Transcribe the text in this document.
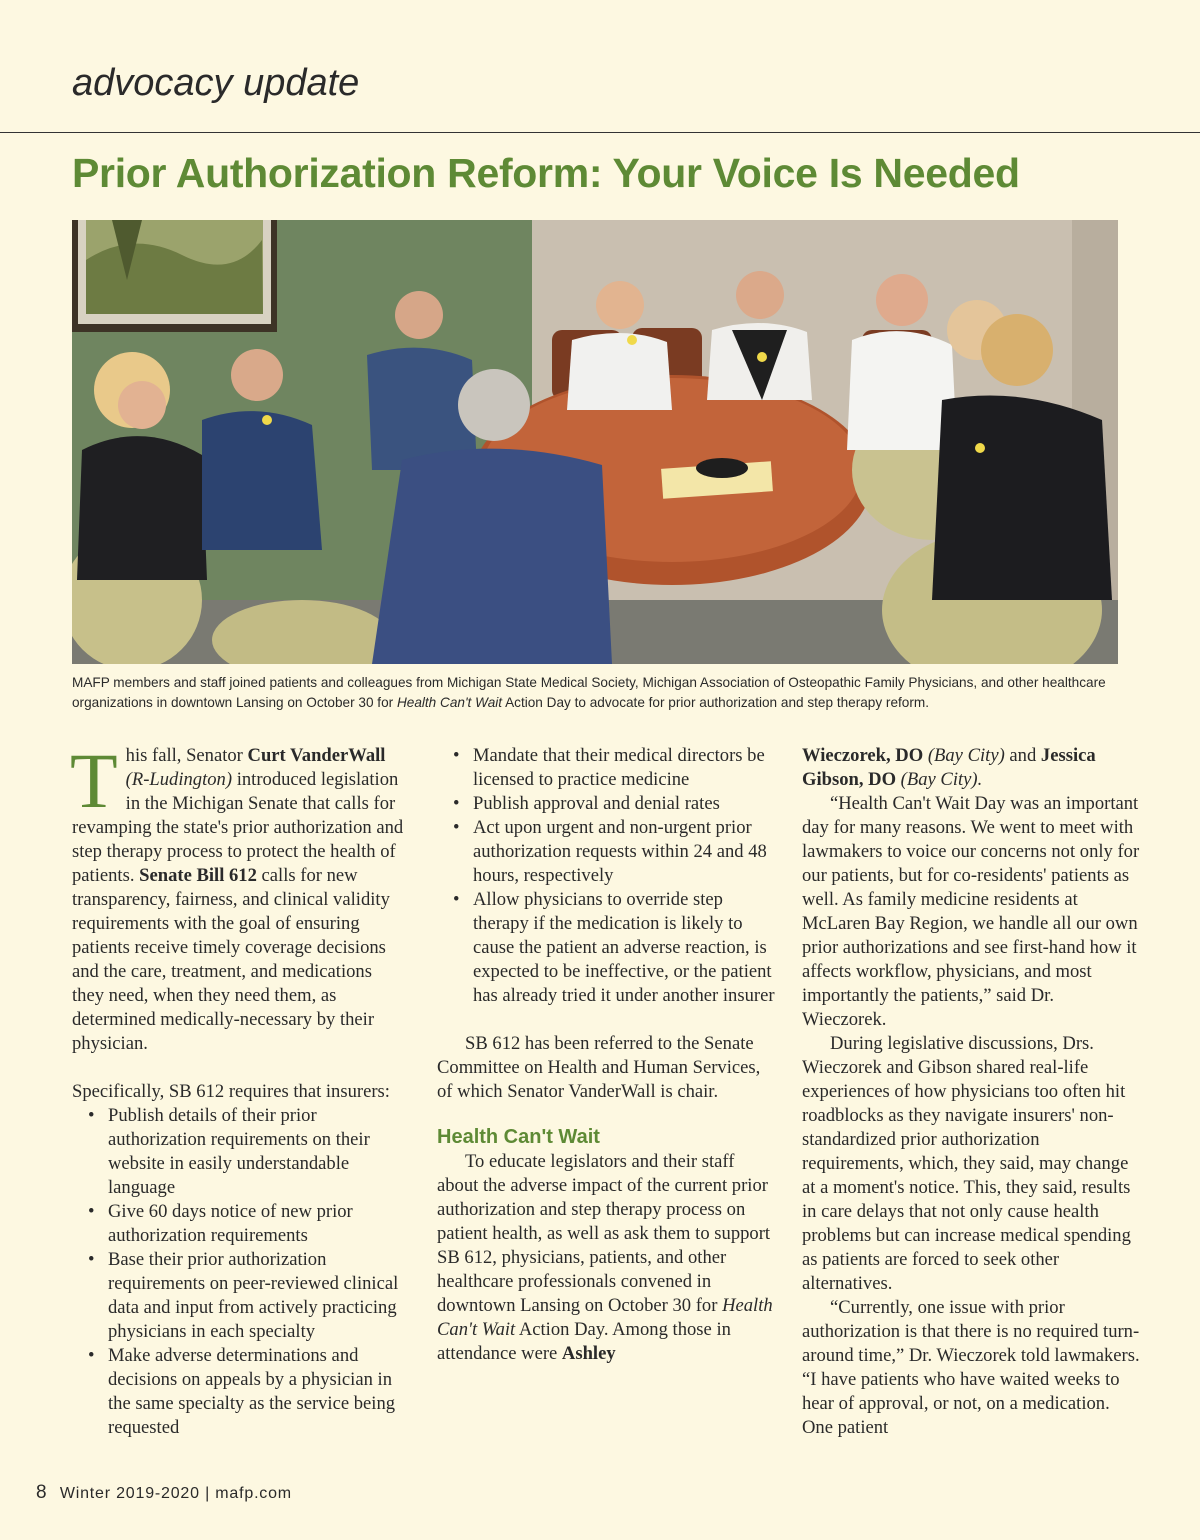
advocacy update
Prior Authorization Reform: Your Voice Is Needed
MAFP members and staff joined patients and colleagues from Michigan State Medical Society, Michigan Association of Osteopathic Family Physicians, and other healthcare organizations in downtown Lansing on October 30 for Health Can't Wait Action Day to advocate for prior authorization and step therapy reform.

This fall, Senator Curt VanderWall (R-Ludington) introduced legislation in the Michigan Senate that calls for revamping the state's prior authorization and step therapy process to protect the health of patients. Senate Bill 612 calls for new transparency, fairness, and clinical validity requirements with the goal of ensuring patients receive timely coverage decisions and the care, treatment, and medications they need, when they need them, as determined medically-necessary by their physician.

Specifically, SB 612 requires that insurers:

• Publish details of their prior authorization requirements on their website in easily understandable language
• Give 60 days notice of new prior authorization requirements
• Base their prior authorization requirements on peer-reviewed clinical data and input from actively practicing physicians in each specialty
• Make adverse determinations and decisions on appeals by a physician in the same specialty as the service being requested
• Mandate that their medical directors be licensed to practice medicine
• Publish approval and denial rates
• Act upon urgent and non-urgent prior authorization requests within 24 and 48 hours, respectively
• Allow physicians to override step therapy if the medication is likely to cause the patient an adverse reaction, is expected to be ineffective, or the patient has already tried it under another insurer

SB 612 has been referred to the Senate Committee on Health and Human Services, of which Senator VanderWall is chair.

Health Can't Wait

To educate legislators and their staff about the adverse impact of the current prior authorization and step therapy process on patient health, as well as ask them to support SB 612, physicians, patients, and other healthcare professionals convened in downtown Lansing on October 30 for Health Can't Wait Action Day. Among those in attendance were Ashley

Wieczorek, DO (Bay City) and Jessica Gibson, DO (Bay City).

“Health Can't Wait Day was an important day for many reasons. We went to meet with lawmakers to voice our concerns not only for our patients, but for co-residents' patients as well. As family medicine residents at McLaren Bay Region, we handle all our own prior authorizations and see first-hand how it affects workflow, physicians, and most importantly the patients,” said Dr. Wieczorek.

During legislative discussions, Drs. Wieczorek and Gibson shared real-life experiences of how physicians too often hit roadblocks as they navigate insurers' non-standardized prior authorization requirements, which, they said, may change at a moment's notice. This, they said, results in care delays that not only cause health problems but can increase medical spending as patients are forced to seek other alternatives.

“Currently, one issue with prior authorization is that there is no required turn-around time,” Dr. Wieczorek told lawmakers. “I have patients who have waited weeks to hear of approval, or not, on a medication. One patient

8 Winter 2019-2020 | mafp.com
